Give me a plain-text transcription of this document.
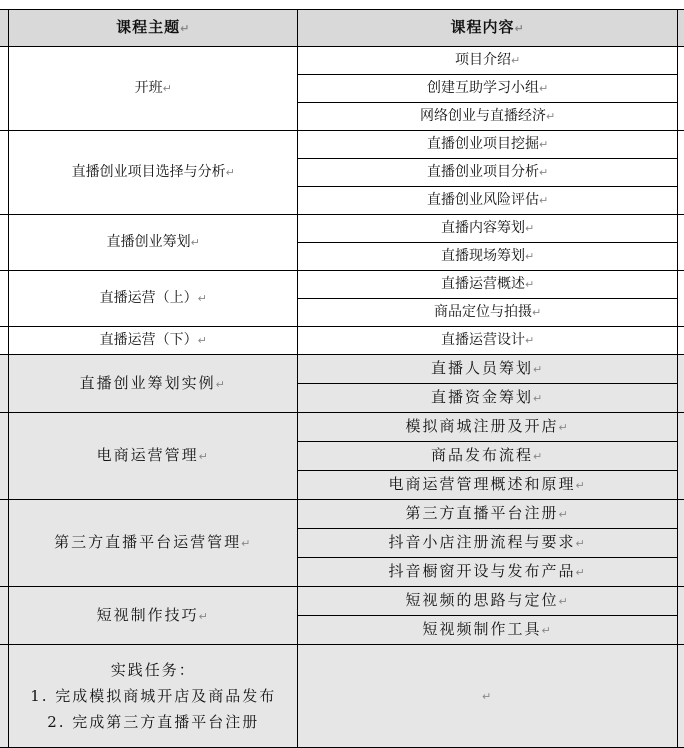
	课程主题↵	课程内容↵	
	开班↵	项目介绍↵	
		创建互助学习小组↵	
		网络创业与直播经济↵	
	直播创业项目选择与分析↵	直播创业项目挖掘↵	
		直播创业项目分析↵	
		直播创业风险评估↵	
	直播创业筹划↵	直播内容筹划↵	
		直播现场筹划↵	
	直播运营（上）↵	直播运营概述↵	
		商品定位与拍摄↵	
	直播运营（下）↵	直播运营设计↵	
	直播创业筹划实例↵	直播人员筹划↵	
		直播资金筹划↵	
	电商运营管理↵	模拟商城注册及开店↵	
		商品发布流程↵	
		电商运营管理概述和原理↵	
	第三方直播平台运营管理↵	第三方直播平台注册↵	
		抖音小店注册流程与要求↵	
		抖音橱窗开设与发布产品↵	
	短视制作技巧↵	短视频的思路与定位↵	
		短视频制作工具↵	

	实践任务：
1. 完成模拟商城开店及商品发布
2. 完成第三方直播平台注册	↵	
